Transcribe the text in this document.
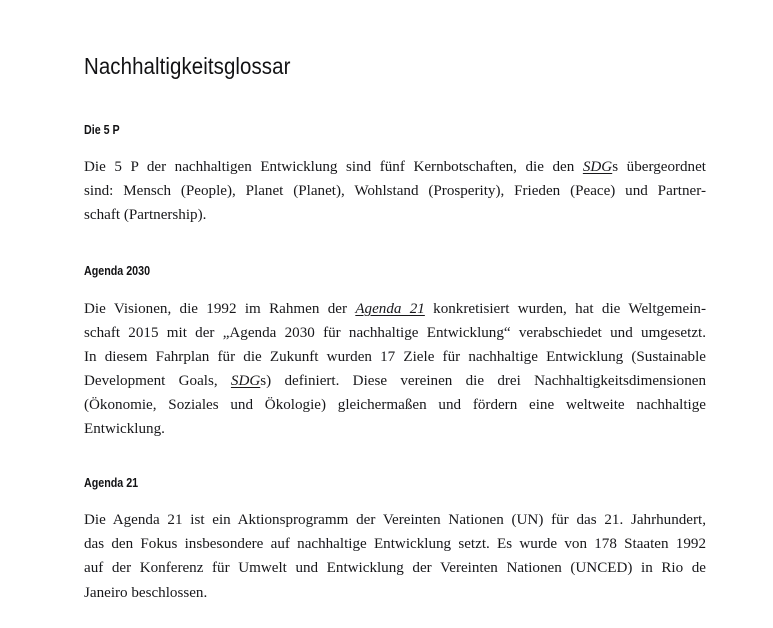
Nachhaltigkeitsglossar
Die 5 P

Die 5 P der nachhaltigen Entwicklung sind fünf Kernbotschaften, die den SDGs übergeordnet
sind: Mensch (People), Planet (Planet), Wohlstand (Prosperity), Frieden (Peace) und Partner-
schaft (Partnership).

Agenda 2030

Die Visionen, die 1992 im Rahmen der Agenda 21 konkretisiert wurden, hat die Weltgemein-
schaft 2015 mit der „Agenda 2030 für nachhaltige Entwicklung“ verabschiedet und umgesetzt.
In diesem Fahrplan für die Zukunft wurden 17 Ziele für nachhaltige Entwicklung (Sustainable
Development Goals, SDGs) definiert. Diese vereinen die drei Nachhaltigkeitsdimensionen
(Ökonomie, Soziales und Ökologie) gleichermaßen und fördern eine weltweite nachhaltige
Entwicklung.

Agenda 21

Die Agenda 21 ist ein Aktionsprogramm der Vereinten Nationen (UN) für das 21. Jahrhundert,
das den Fokus insbesondere auf nachhaltige Entwicklung setzt. Es wurde von 178 Staaten 1992
auf der Konferenz für Umwelt und Entwicklung der Vereinten Nationen (UNCED) in Rio de
Janeiro beschlossen.
